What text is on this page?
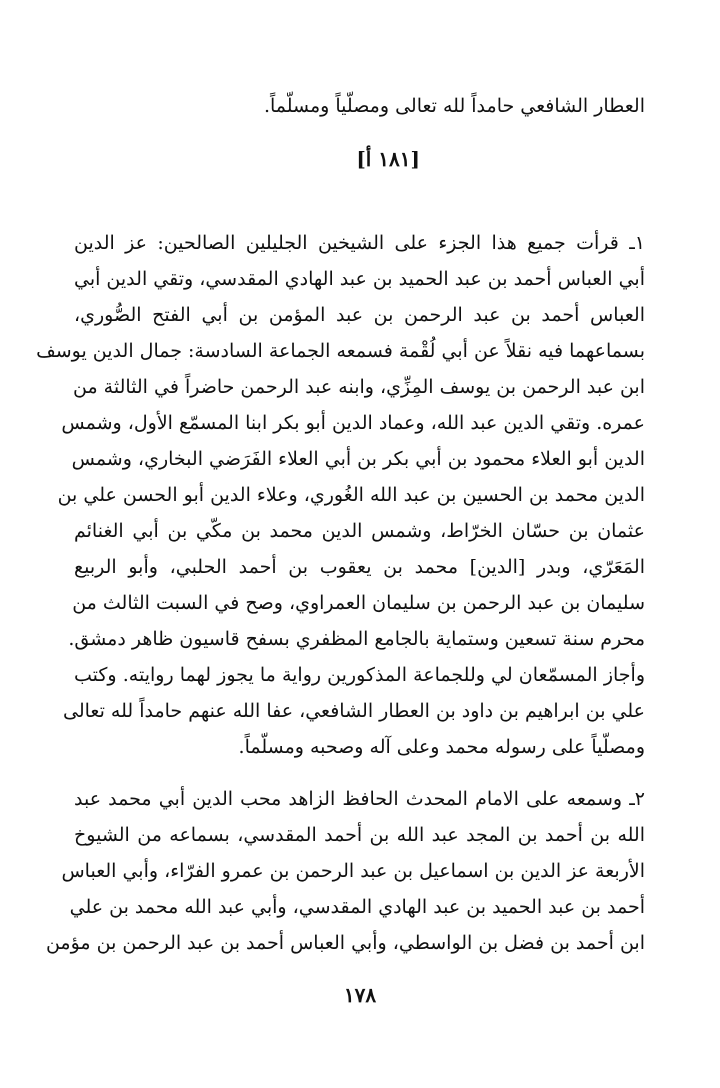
العطار الشافعي حامداً لله تعالى ومصلّياً ومسلّماً.
[١٨١ أ]
١ـ قرأت جميع هذا الجزء على الشيخين الجليلين الصالحين: عز الدين
أبي العباس أحمد بن عبد الحميد بن عبد الهادي المقدسي، وتقي الدين أبي
العباس أحمد بن عبد الرحمن بن عبد المؤمن بن أبي الفتح الصُّوري،
بسماعهما فيه نقلاً عن أبي لُقْمة فسمعه الجماعة السادسة: جمال الدين يوسف
ابن عبد الرحمن بن يوسف المِزِّي، وابنه عبد الرحمن حاضراً في الثالثة من
عمره. وتقي الدين عبد الله، وعماد الدين أبو بكر ابنا المسمّع الأول، وشمس
الدين أبو العلاء محمود بن أبي بكر بن أبي العلاء الفَرَضي البخاري، وشمس
الدين محمد بن الحسين بن عبد الله الغُوري، وعلاء الدين أبو الحسن علي بن
عثمان بن حسّان الخرّاط، وشمس الدين محمد بن مكّي بن أبي الغنائم
المَعَرّي، وبدر [الدين] محمد بن يعقوب بن أحمد الحلبي، وأبو الربيع
سليمان بن عبد الرحمن بن سليمان العمراوي، وصح في السبت الثالث من
محرم سنة تسعين وستماية بالجامع المظفري بسفح قاسيون ظاهر دمشق.
وأجاز المسمّعان لي وللجماعة المذكورين رواية ما يجوز لهما روايته. وكتب
علي بن ابراهيم بن داود بن العطار الشافعي، عفا الله عنهم حامداً لله تعالى
ومصلّياً على رسوله محمد وعلى آله وصحبه ومسلّماً.
٢ـ وسمعه على الامام المحدث الحافظ الزاهد محب الدين أبي محمد عبد
الله بن أحمد بن المجد عبد الله بن أحمد المقدسي، بسماعه من الشيوخ
الأربعة عز الدين بن اسماعيل بن عبد الرحمن بن عمرو الفرّاء، وأبي العباس
أحمد بن عبد الحميد بن عبد الهادي المقدسي، وأبي عبد الله محمد بن علي
ابن أحمد بن فضل بن الواسطي، وأبي العباس أحمد بن عبد الرحمن بن مؤمن
١٧٨
